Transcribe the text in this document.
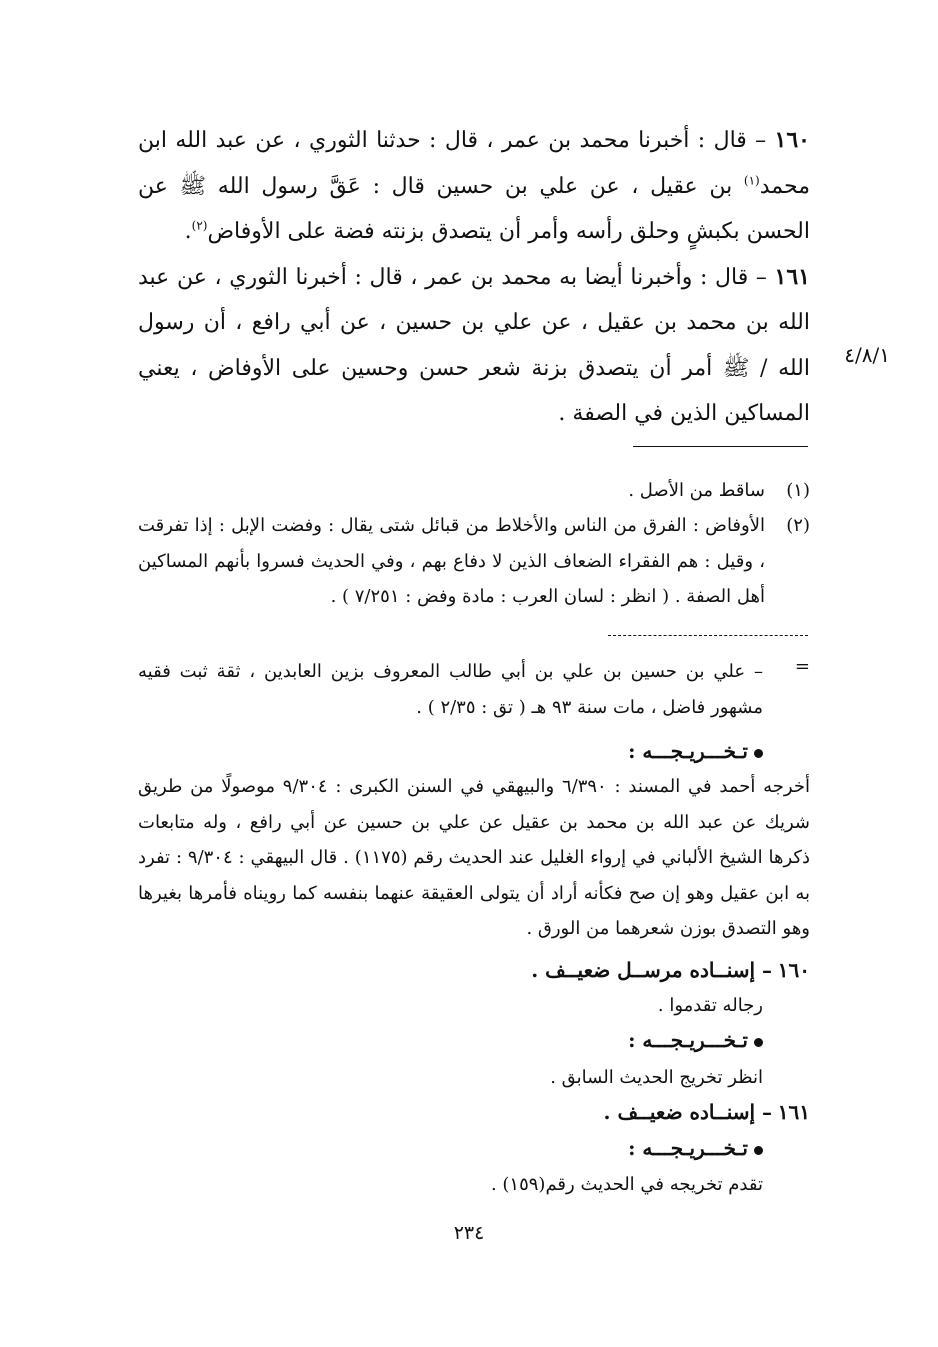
١٦٠ – قال : أخبرنا محمد بن عمر ، قال : حدثنا الثوري ، عن عبد الله ابن محمد$^{(١)}$ بن عقيل ، عن علي بن حسين قال : عَقَّ رسول الله ﷺ عن الحسن بكبشٍ وحلق رأسه وأمر أن يتصدق بزنته فضة على الأوفاض$^{(٢)}$.

١٦١ – قال : وأخبرنا أيضا به محمد بن عمر ، قال : أخبرنا الثوري ، عن عبد الله بن محمد بن عقيل ، عن علي بن حسين ، عن أبي رافع ، أن رسول الله / ﷺ أمر أن يتصدق بزنة شعر حسن وحسين على الأوفاض ، يعني المساكين الذين في الصفة .

٤/٨/١
(١)
ساقط من الأصل .
(٢)
الأوفاض : الفرق من الناس والأخلاط من قبائل شتى يقال : وفضت الإبل : إذا تفرقت ، وقيل : هم الفقراء الضعاف الذين لا دفاع بهم ، وفي الحديث فسروا بأنهم المساكين أهل الصفة . ( انظر : لسان العرب : مادة وفض : ٧/٢٥١ ) .
=
– علي بن حسين بن علي بن أبي طالب المعروف بزين العابدين ، ثقة ثبت فقيه مشهور فاضل ، مات سنة ٩٣ هـ ( تق : ٢/٣٥ ) .
تـخـــريـجـــه :
أخرجه أحمد في المسند : ٦/٣٩٠ والبيهقي في السنن الكبرى : ٩/٣٠٤ موصولًا من طريق شريك عن عبد الله بن محمد بن عقيل عن علي بن حسين عن أبي رافع ، وله متابعات ذكرها الشيخ الألباني في إرواء الغليل عند الحديث رقم (١١٧٥) . قال البيهقي : ٩/٣٠٤ : تفرد به ابن عقيل وهو إن صح فكأنه أراد أن يتولى العقيقة عنهما بنفسه كما رويناه فأمرها بغيرها وهو التصدق بوزن شعرهما من الورق .
١٦٠ – إسنــاده مرســل ضعيــف .
رجاله تقدموا .
تـخـــريـجـــه :
انظر تخريج الحديث السابق .
١٦١ – إسنــاده ضعيــف .
تـخـــريـجـــه :
تقدم تخريجه في الحديث رقم(١٥٩) .
٢٣٤
